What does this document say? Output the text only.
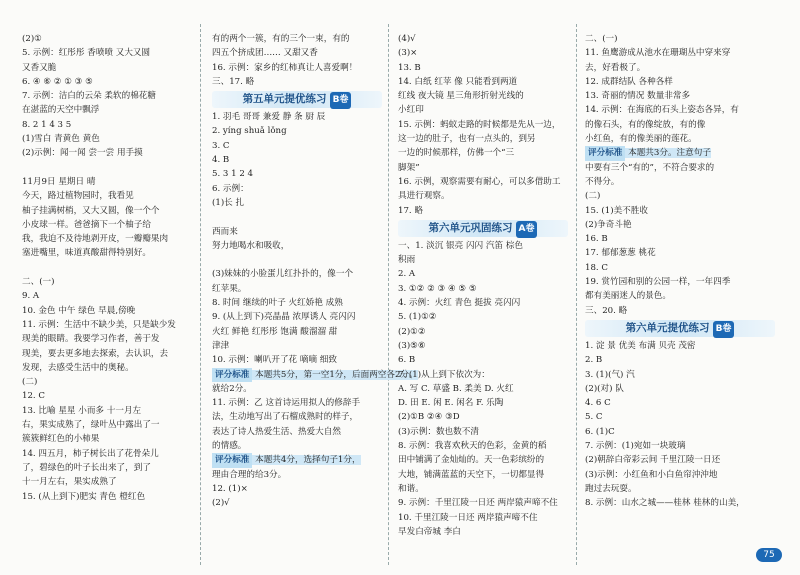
(2)①
5. 示例：红彤彤 香喷喷 又大又圆
又香又脆
6. ④ ⑥ ② ① ③ ⑤
7. 示例：洁白的云朵 柔软的棉花糖
在湛蓝的天空中飘浮
8. 2 1 4 3 5
(1)雪白 青黄色 黄色
(2)示例：闻一闻 尝一尝 用手摸
11月9日 星期日 晴
今天，路过植物园时，我看见
柚子挂满树梢，又大又圆，像一个个
小皮球一样。爸爸摘下一个柚子给
我，我迫不及待地剥开皮，一瓣瓣果肉
塞进嘴里，味道真酸甜得特别好。
二、(一)
9. A
10. 金色 中午 绿色 早晨,傍晚
11. 示例：生活中不缺少美，只是缺少发
现美的眼睛。我要学习作者，善于发
现美，要去更多地去探索，去认识，去
发现，去感受生活中的奥秘。
(二)
12. C
13. 比喻 星星 小而多 十一月左
右，果实成熟了，绿叶丛中露出了一
簇簇鲜红色的小柿果
14. 四五月，柿子树长出了花骨朵儿
了，碧绿色的叶子长出来了，到了
十一月左右，果实成熟了
15. (从上到下)肥实 青色 橙红色
有的两个一簇，有的三个一束，有的
四五个挤成团…… 又甜又香
16. 示例：家乡的红柿真让人喜爱啊！
三、17. 略
第五单元提优练习 B卷
1. 羽毛 哥哥 兼爱 静 条 厨 辰
2. yíng shuǎ lǒng
3. C
4. B
5. 3 1 2 4
6. 示例：
(1)长 扎
西而来
努力地喝水和吸收，
(3)妹妹的小脸蛋儿红扑扑的，像一个
红苹果。
8. 时间 继续的叶子 火红娇艳 成熟
9. (从上到下)亮晶晶 浓厚诱人 亮闪闪
火红 鲜艳 红彤彤 饱满 酸溜溜 甜
津津
10. 示例：喇叭开了花 嘀嘀 细致
评分标准 本题共5分，第一空1分，后面两空各2分。
就给2分。
11. 示例：乙 这首诗运用拟人的修辞手
法，生动地写出了石榴成熟时的样子，
表达了诗人热爱生活、热爱大自然
的情感。
评分标准 本题共4分，选择句子1分，
理由合理的给3分。
12. (1)×
(2)√
(4)√
(3)×
13. B
14. 白纸 红苹 像 只能看到两道
红线 夜大镜 星三角形折射光线的
小红印
15. 示例：蚂蚁走路的时候都是先从一边，
这一边的肚子，也有一点头的，到另
一边的时候那样，仿佛一个“三
脚架”
16. 示例，观察需要有耐心，可以多借助工
具进行观察。
17. 略
第六单元巩固练习 A卷
一、1. 淡沉 银亮 闪闪 汽笛 棕色
积雨
2. A
3. ①② ② ③ ④ ⑤ ⑤
4. 示例：火红 青色 挺拔 亮闪闪
5. (1)①②
(2)①②
(3)⑤⑥
6. B
7. (1)从上到下依次为：
A. 写 C. 草盛 B. 柔美 D. 火红
D. 田 E. 闲 E. 闲名 F. 乐陶
(2)①B ②④ ③D
(3)示例：数也数不清
8. 示例：我喜欢秋天的色彩，金黄的稻
田中铺满了金灿灿的。天一色彩缤纷的
大地，铺满蓝蓝的天空下，一切都显得
和谐。
9. 示例：千里江陵一日还 两岸猿声啼不住
10. 千里江陵一日还 两岸猿声啼不住
早发白帝城 李白
二、(一)
11. 鱼鹰游成从池水在珊瑚丛中穿来穿
去，好看极了。
12. 成群结队 各种各样
13. 奇丽的情况 数量非常多
14. 示例：在海底的石头上姿态各异，有
的像石头，有的像绽放，有的像
小红鱼，有的像美丽的莲花。
评分标准 本题共3分。注意句子
中要有三个“有的”，不符合要求的
不得分。
(二)
15. (1)美不胜收
(2)争奇斗艳
16. B
17. 郁郁葱葱 桃花
18. C
19. 赏竹园和别的公园一样，一年四季
都有美丽迷人的景色。
三、20. 略
第六单元提优练习 B卷
1. 淀 景 优美 布满 贝壳 茂密
2. B
3. (1)(气) 汽
(2)(对) 队
4. 6 C
5. C
6. (1)C
7. 示例：(1)宛如一块玻璃
(2)朝辞白帝彩云间 千里江陵一日还
(3)示例：小红鱼和小白鱼帘沖沖地
跑过去玩耍。
8. 示例：山水之城——桂林 桂林的山美，
75
